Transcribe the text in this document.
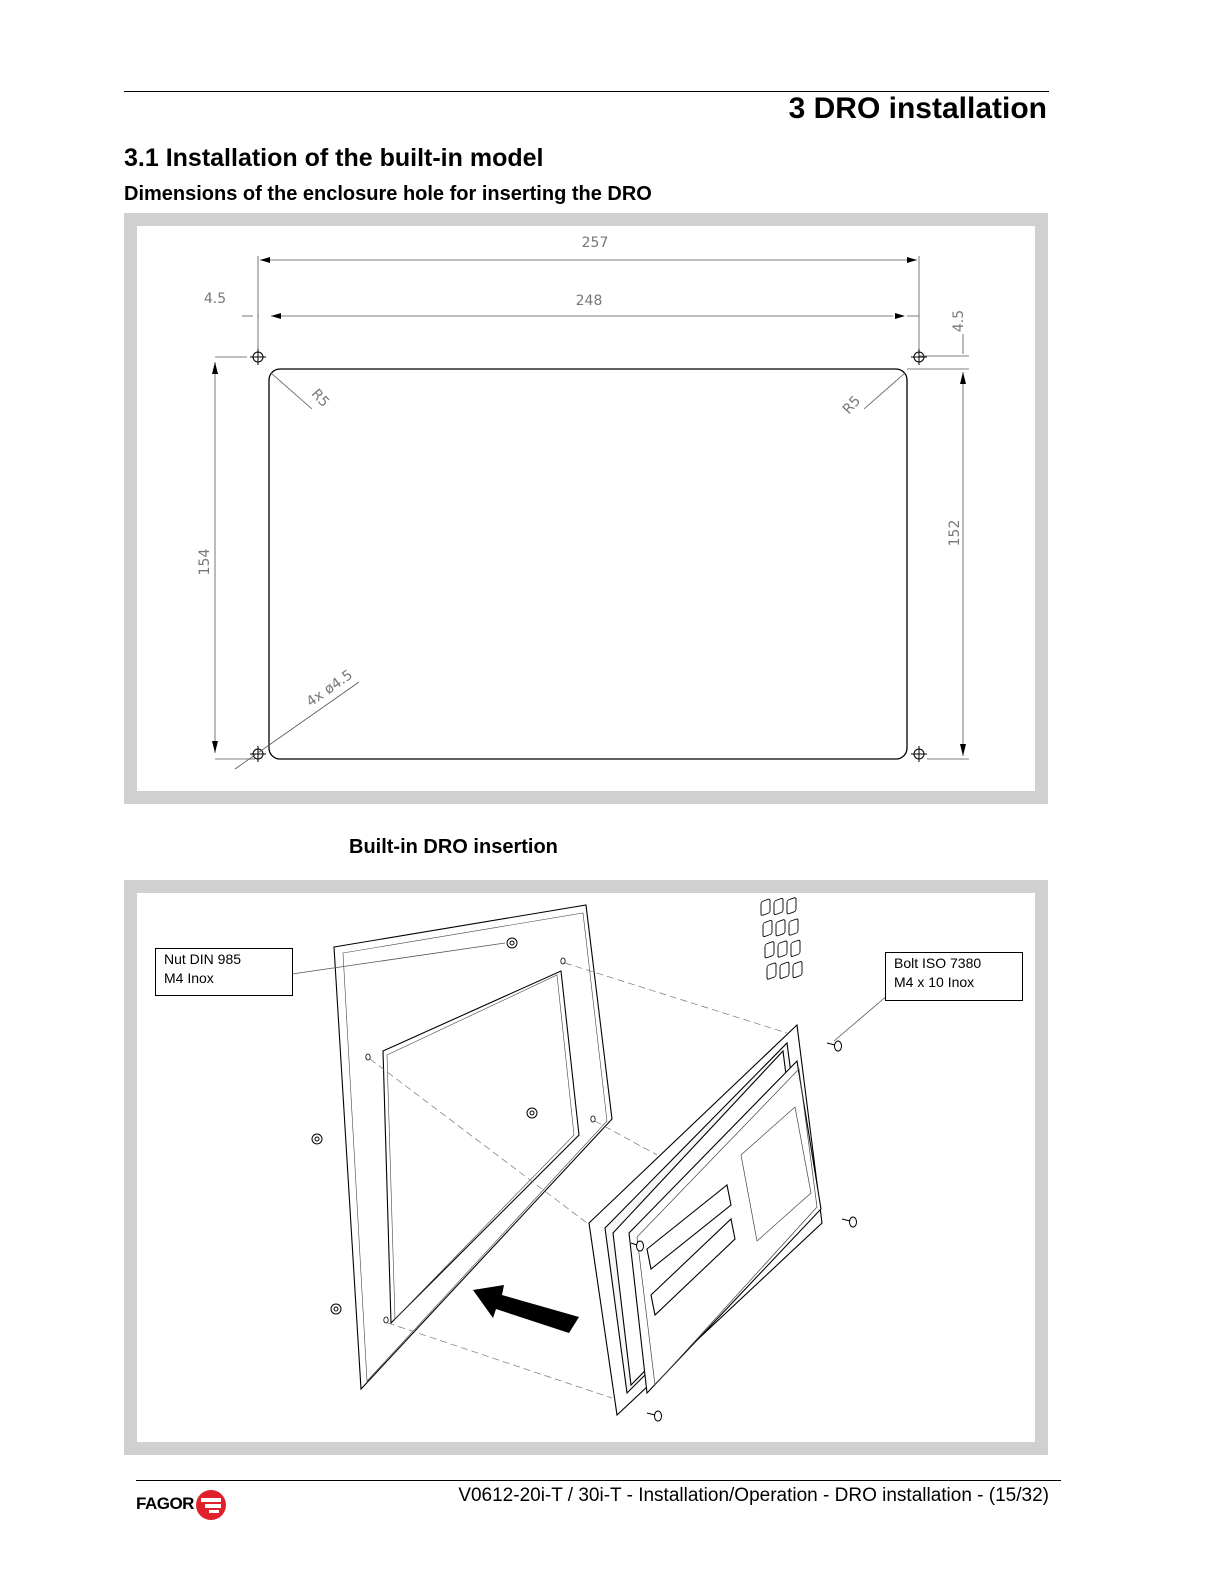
3 DRO installation
3.1 Installation of the built-in model
Dimensions of the enclosure hole for inserting the DRO
257
248
4.5
4.5
154
152
R5	R5
4x ø4.5
Built-in DRO insertion
Nut DIN 985
M4 Inox
Bolt ISO 7380
M4 x 10 Inox
FAGOR	V0612-20i-T / 30i-T - Installation/Operation - DRO installation - (15/32)
